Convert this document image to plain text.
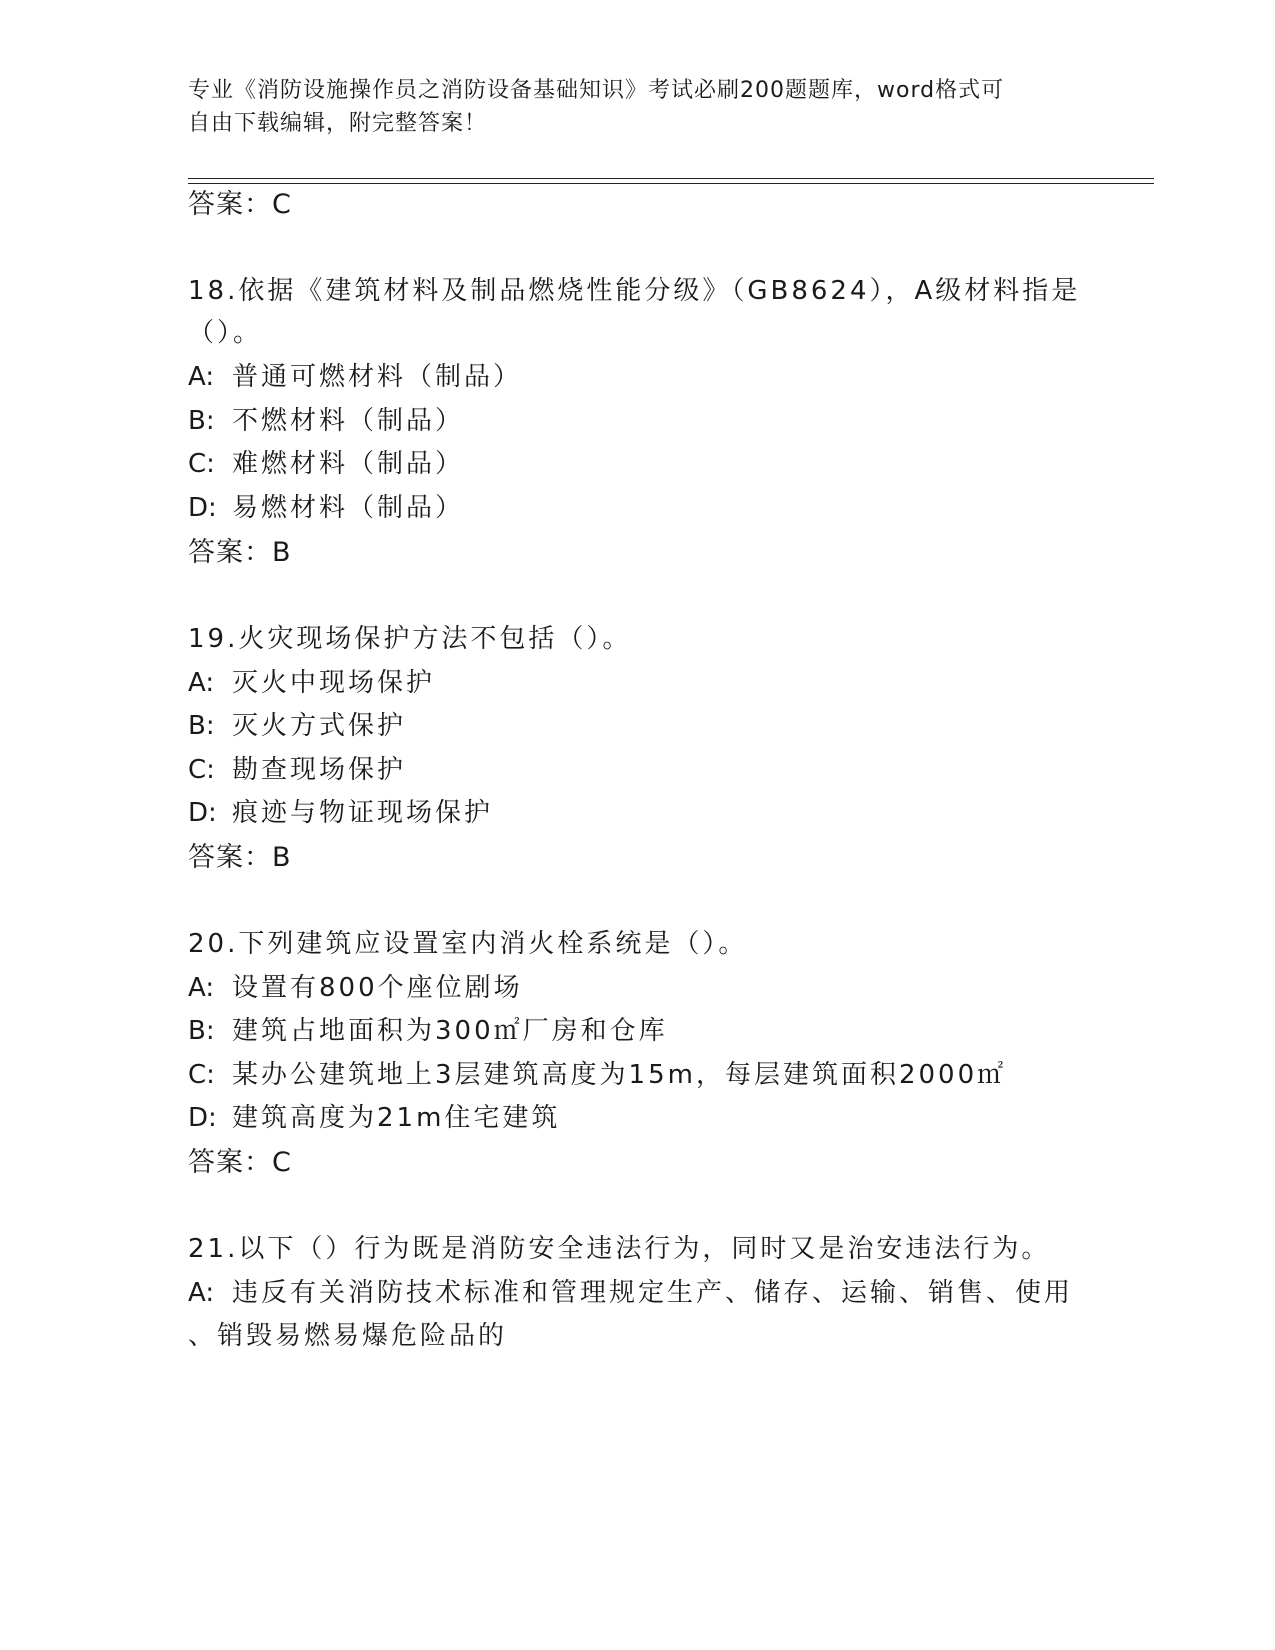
专业《消防设施操作员之消防设备基础知识》考试必刷200题题库，word格式可
自由下载编辑，附完整答案！
答案：C
18.依据《建筑材料及制品燃烧性能分级》（GB8624），A级材料指是
（）。
A: 普通可燃材料（制品）
B: 不燃材料（制品）
C: 难燃材料（制品）
D: 易燃材料（制品）
答案：B
19.火灾现场保护方法不包括（）。
A: 灭火中现场保护
B: 灭火方式保护
C: 勘查现场保护
D: 痕迹与物证现场保护
答案：B
20.下列建筑应设置室内消火栓系统是（）。
A: 设置有800个座位剧场
B: 建筑占地面积为300㎡厂房和仓库
C: 某办公建筑地上3层建筑高度为15m，每层建筑面积2000㎡
D: 建筑高度为21m住宅建筑
答案：C
21.以下（）行为既是消防安全违法行为，同时又是治安违法行为。
A: 违反有关消防技术标准和管理规定生产、储存、运输、销售、使用
、销毁易燃易爆危险品的
